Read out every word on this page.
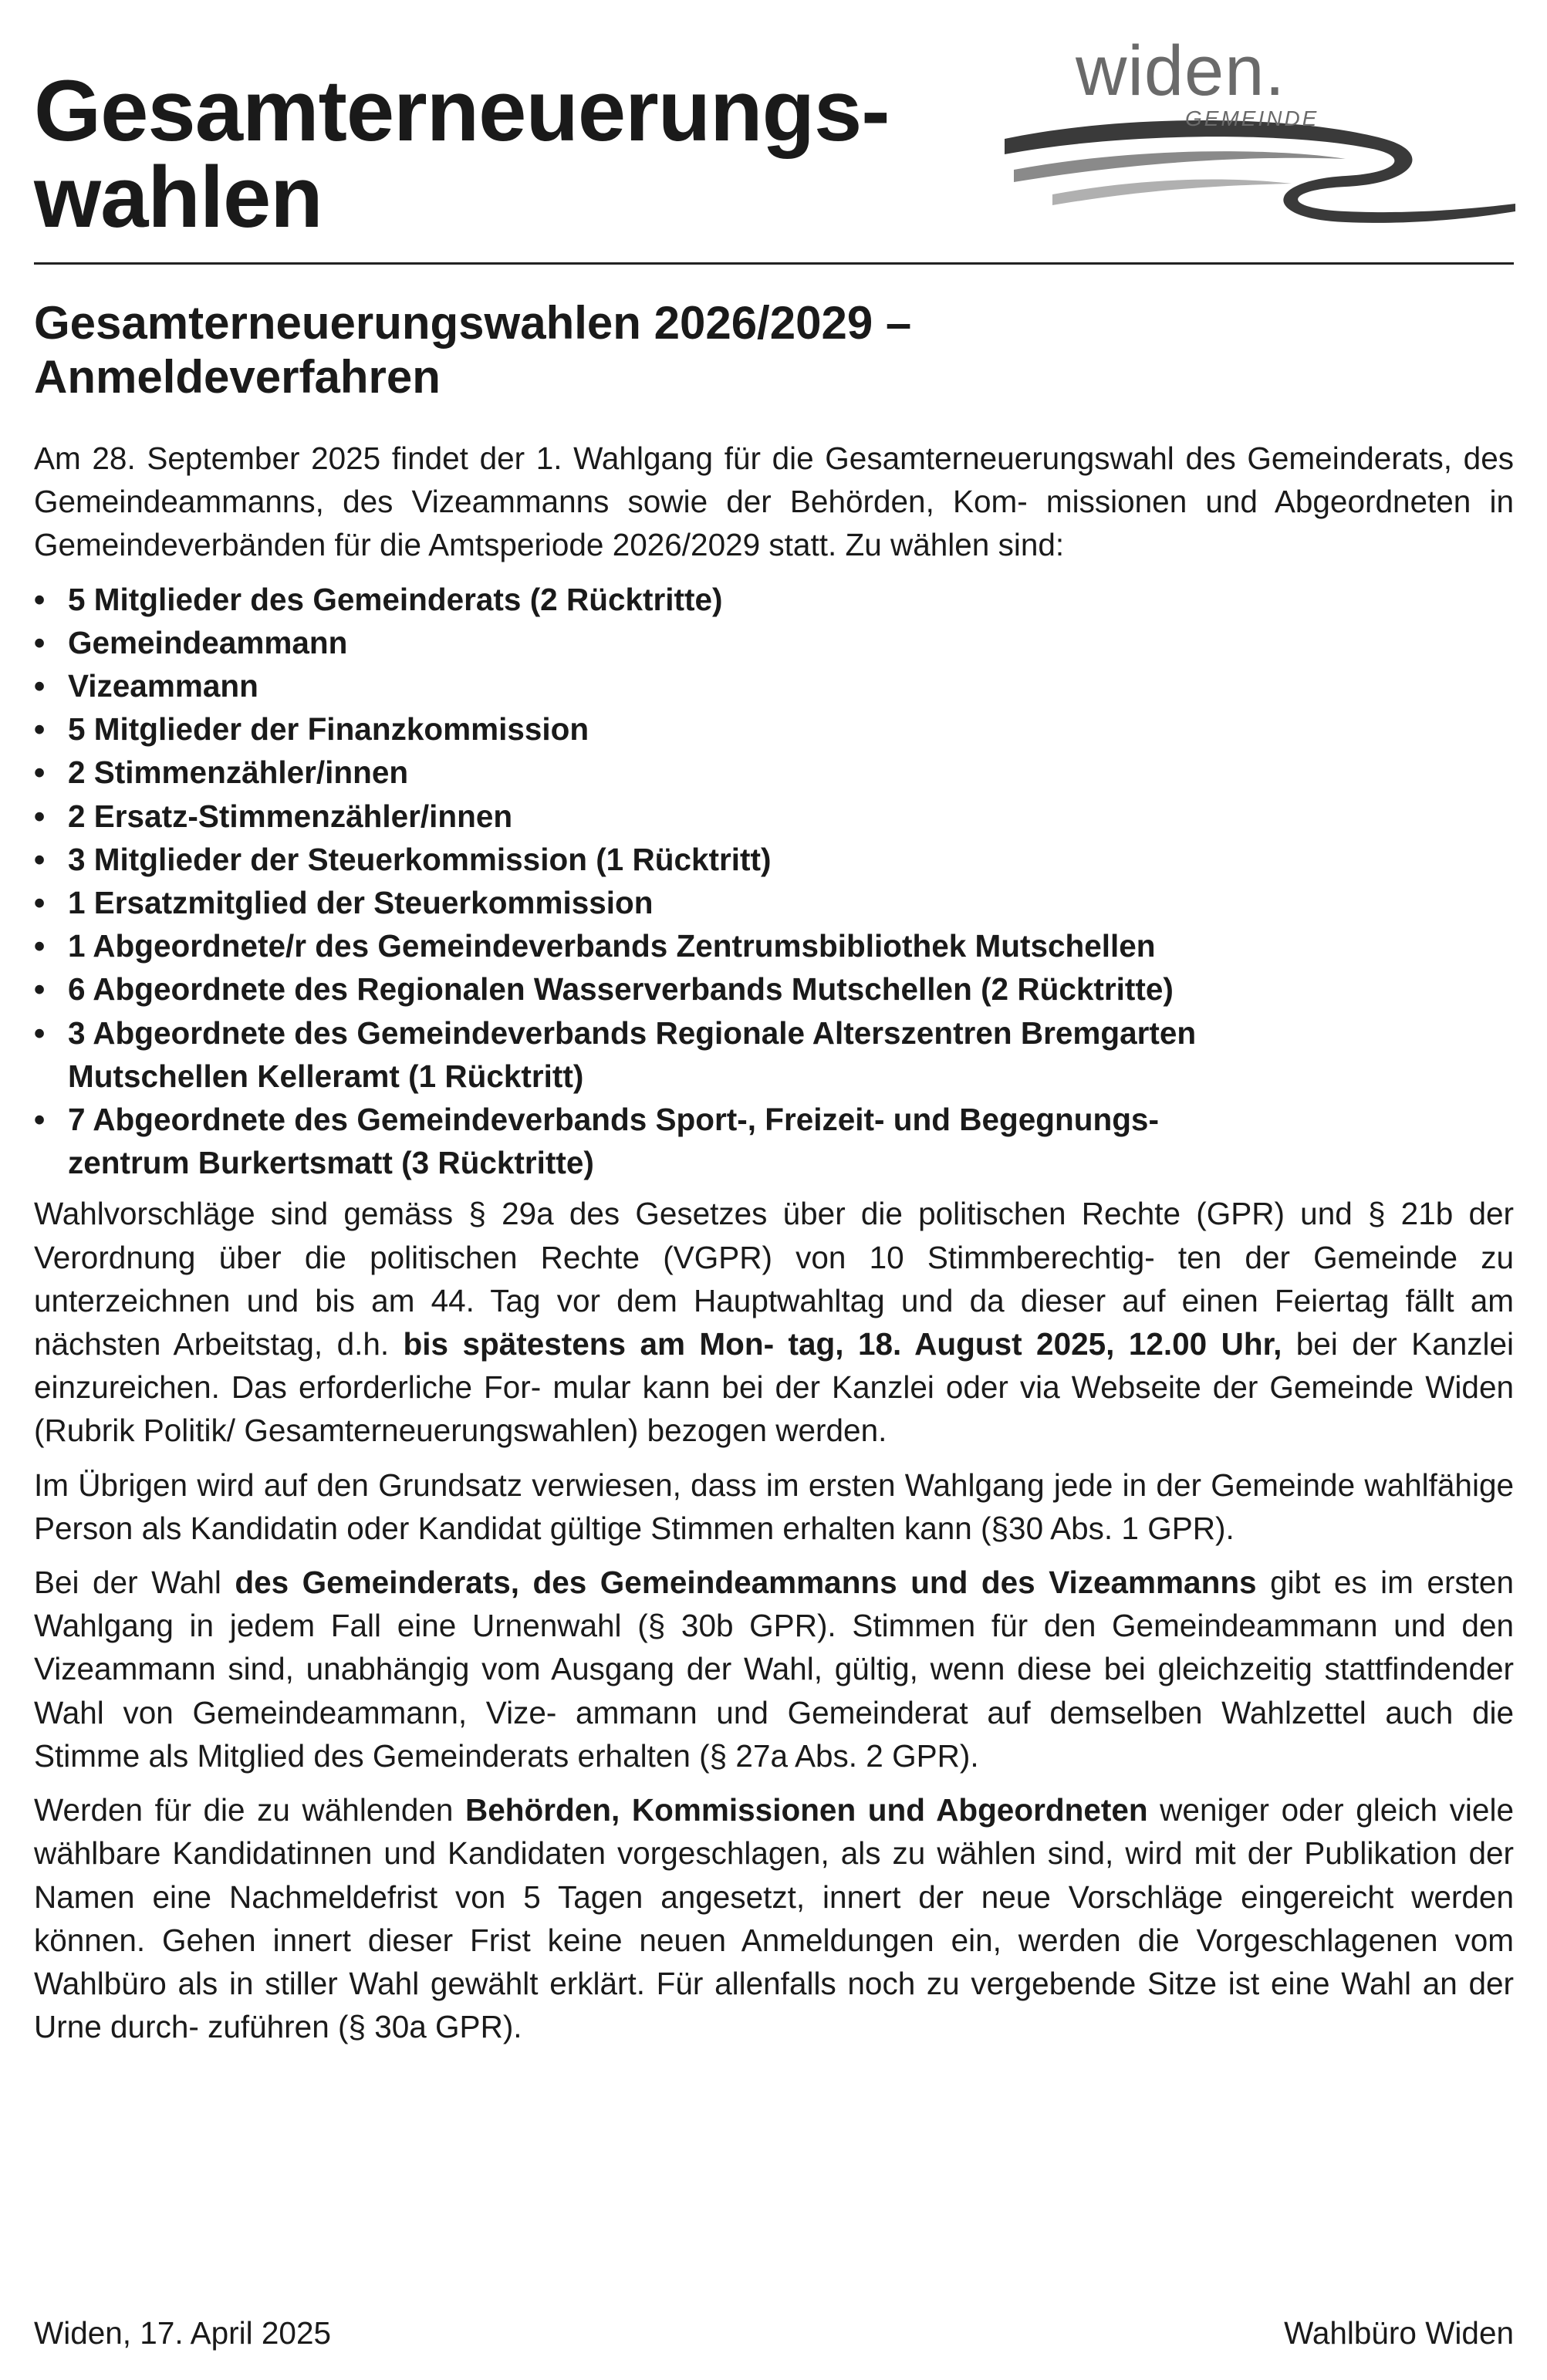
Gesamterneuerungs-
wahlen
widen.
GEMEINDE
Gesamterneuerungswahlen 2026/2029 –
Anmeldeverfahren

Am 28. September 2025 findet der 1. Wahlgang für die Gesamterneuerungswahl des Gemeinderats, des Gemeindeammanns, des Vizeammanns sowie der Behörden, Kom- missionen und Abgeordneten in Gemeindeverbänden für die Amtsperiode 2026/2029 statt. Zu wählen sind:

• 5 Mitglieder des Gemeinderats (2 Rücktritte)
• Gemeindeammann
• Vizeammann
• 5 Mitglieder der Finanzkommission
• 2 Stimmenzähler/innen
• 2 Ersatz-Stimmenzähler/innen
• 3 Mitglieder der Steuerkommission (1 Rücktritt)
• 1 Ersatzmitglied der Steuerkommission
• 1 Abgeordnete/r des Gemeindeverbands Zentrumsbibliothek Mutschellen
• 6 Abgeordnete des Regionalen Wasserverbands Mutschellen (2 Rücktritte)
• 3 Abgeordnete des Gemeindeverbands Regionale Alterszentren Bremgarten
Mutschellen Kelleramt (1 Rücktritt)
• 7 Abgeordnete des Gemeindeverbands Sport-, Freizeit- und Begegnungs-
zentrum Burkertsmatt (3 Rücktritte)

Wahlvorschläge sind gemäss § 29a des Gesetzes über die politischen Rechte (GPR) und § 21b der Verordnung über die politischen Rechte (VGPR) von 10 Stimmberechtig- ten der Gemeinde zu unterzeichnen und bis am 44. Tag vor dem Hauptwahltag und da dieser auf einen Feiertag fällt am nächsten Arbeitstag, d.h. bis spätestens am Mon- tag, 18. August 2025, 12.00 Uhr, bei der Kanzlei einzureichen. Das erforderliche For- mular kann bei der Kanzlei oder via Webseite der Gemeinde Widen (Rubrik Politik/ Gesamterneuerungswahlen) bezogen werden.

Im Übrigen wird auf den Grundsatz verwiesen, dass im ersten Wahlgang jede in der Gemeinde wahlfähige Person als Kandidatin oder Kandidat gültige Stimmen erhalten kann (§30 Abs. 1 GPR).

Bei der Wahl des Gemeinderats, des Gemeindeammanns und des Vizeammanns gibt es im ersten Wahlgang in jedem Fall eine Urnenwahl (§ 30b GPR). Stimmen für den Gemeindeammann und den Vizeammann sind, unabhängig vom Ausgang der Wahl, gültig, wenn diese bei gleichzeitig stattfindender Wahl von Gemeindeammann, Vize- ammann und Gemeinderat auf demselben Wahlzettel auch die Stimme als Mitglied des Gemeinderats erhalten (§ 27a Abs. 2 GPR).

Werden für die zu wählenden Behörden, Kommissionen und Abgeordneten weniger oder gleich viele wählbare Kandidatinnen und Kandidaten vorgeschlagen, als zu wählen sind, wird mit der Publikation der Namen eine Nachmeldefrist von 5 Tagen angesetzt, innert der neue Vorschläge eingereicht werden können. Gehen innert dieser Frist keine neuen Anmeldungen ein, werden die Vorgeschlagenen vom Wahlbüro als in stiller Wahl gewählt erklärt. Für allenfalls noch zu vergebende Sitze ist eine Wahl an der Urne durch- zuführen (§ 30a GPR).

Widen, 17. April 2025	Wahlbüro Widen
